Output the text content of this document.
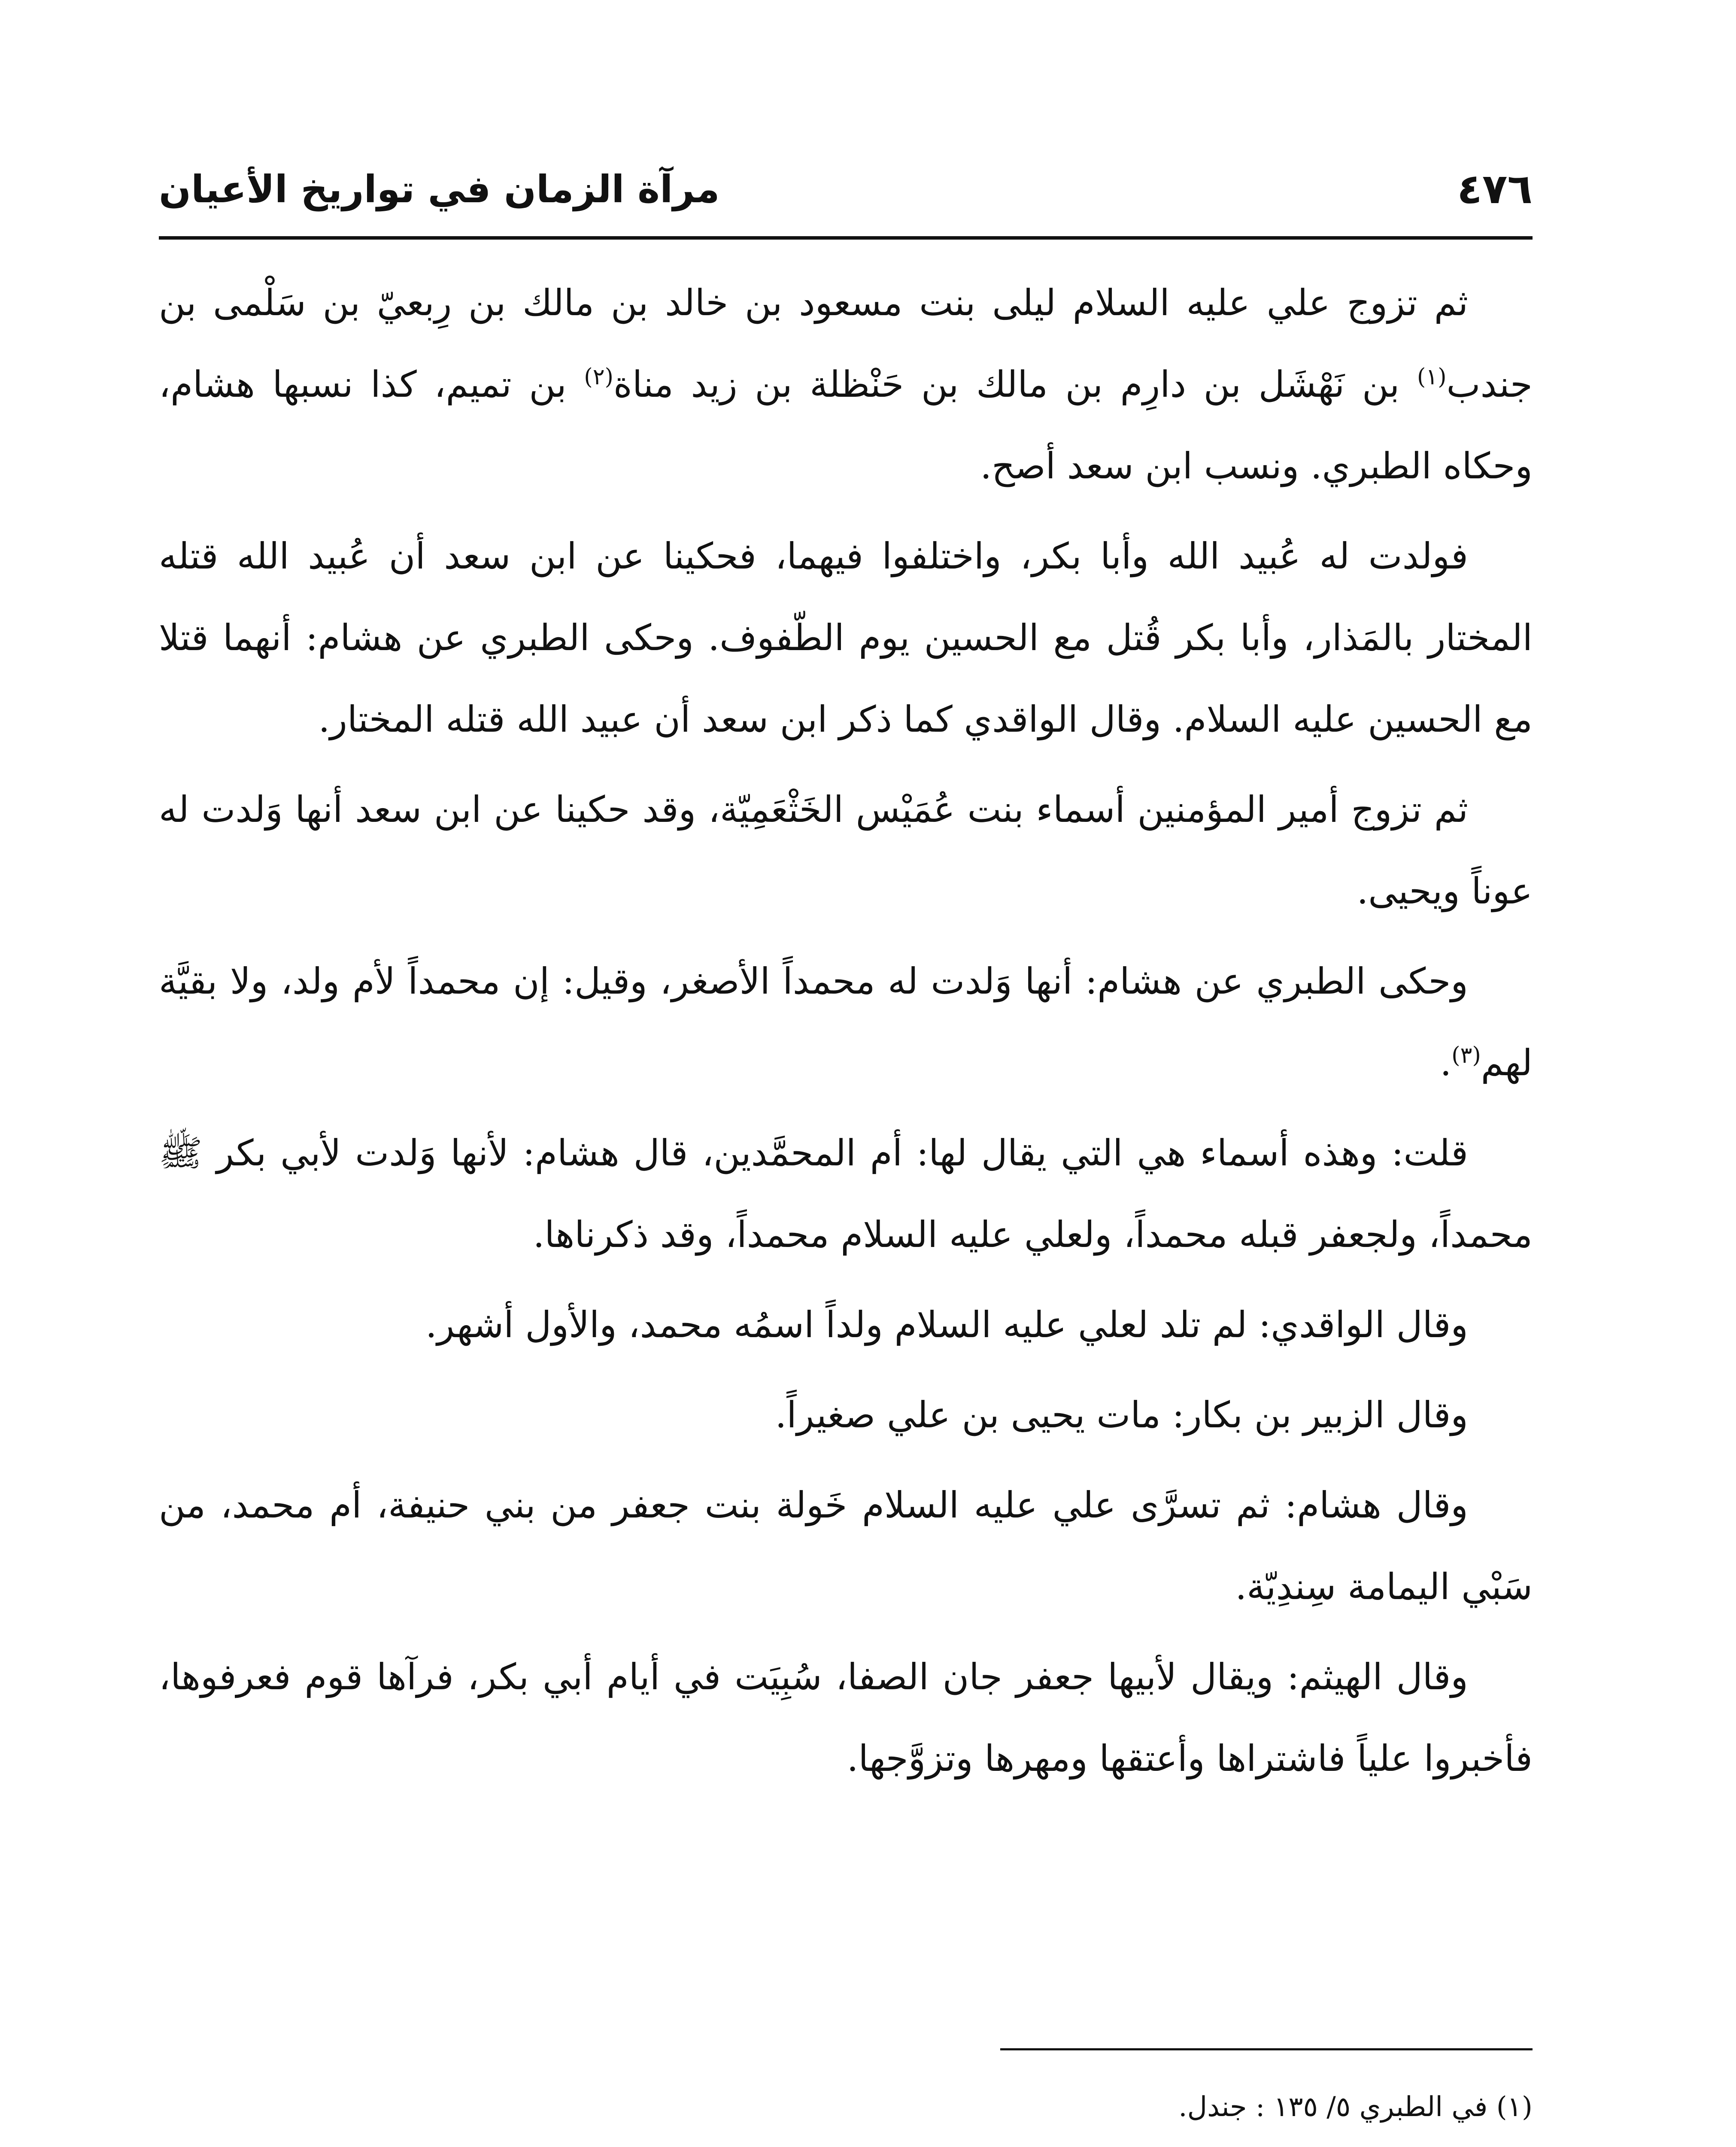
٤٧٦
مرآة الزمان في تواريخ الأعيان

ثم تزوج علي عليه السلام ليلى بنت مسعود بن خالد بن مالك بن رِبعيّ بن سَلْمى بن جندب$^{(١)}$ بن نَهْشَل بن دارِم بن مالك بن حَنْظلة بن زيد مناة$^{(٢)}$ بن تميم، كذا نسبها هشام، وحكاه الطبري. ونسب ابن سعد أصح.

فولدت له عُبيد الله وأبا بكر، واختلفوا فيهما، فحكينا عن ابن سعد أن عُبيد الله قتله المختار بالمَذار، وأبا بكر قُتل مع الحسين يوم الطّفوف. وحكى الطبري عن هشام: أنهما قتلا مع الحسين عليه السلام. وقال الواقدي كما ذكر ابن سعد أن عبيد الله قتله المختار.

ثم تزوج أمير المؤمنين أسماء بنت عُمَيْس الخَثْعَمِيّة، وقد حكينا عن ابن سعد أنها وَلدت له عوناً ويحيى.

وحكى الطبري عن هشام: أنها وَلدت له محمداً الأصغر، وقيل: إن محمداً لأم ولد، ولا بقيَّة لهم$^{(٣)}$.

قلت: وهذه أسماء هي التي يقال لها: أم المحمَّدين، قال هشام: لأنها وَلدت لأبي بكر ﷺ محمداً، ولجعفر قبله محمداً، ولعلي عليه السلام محمداً، وقد ذكرناها.

وقال الواقدي: لم تلد لعلي عليه السلام ولداً اسمُه محمد، والأول أشهر.

وقال الزبير بن بكار: مات يحيى بن علي صغيراً.

وقال هشام: ثم تسرَّى علي عليه السلام خَولة بنت جعفر من بني حنيفة، أم محمد، من سَبْي اليمامة سِندِيّة.

وقال الهيثم: ويقال لأبيها جعفر جان الصفا، سُبِيَت في أيام أبي بكر، فرآها قوم فعرفوها، فأخبروا علياً فاشتراها وأعتقها ومهرها وتزوَّجها.

(١) في الطبري ٥/ ١٣٥ : جندل.
